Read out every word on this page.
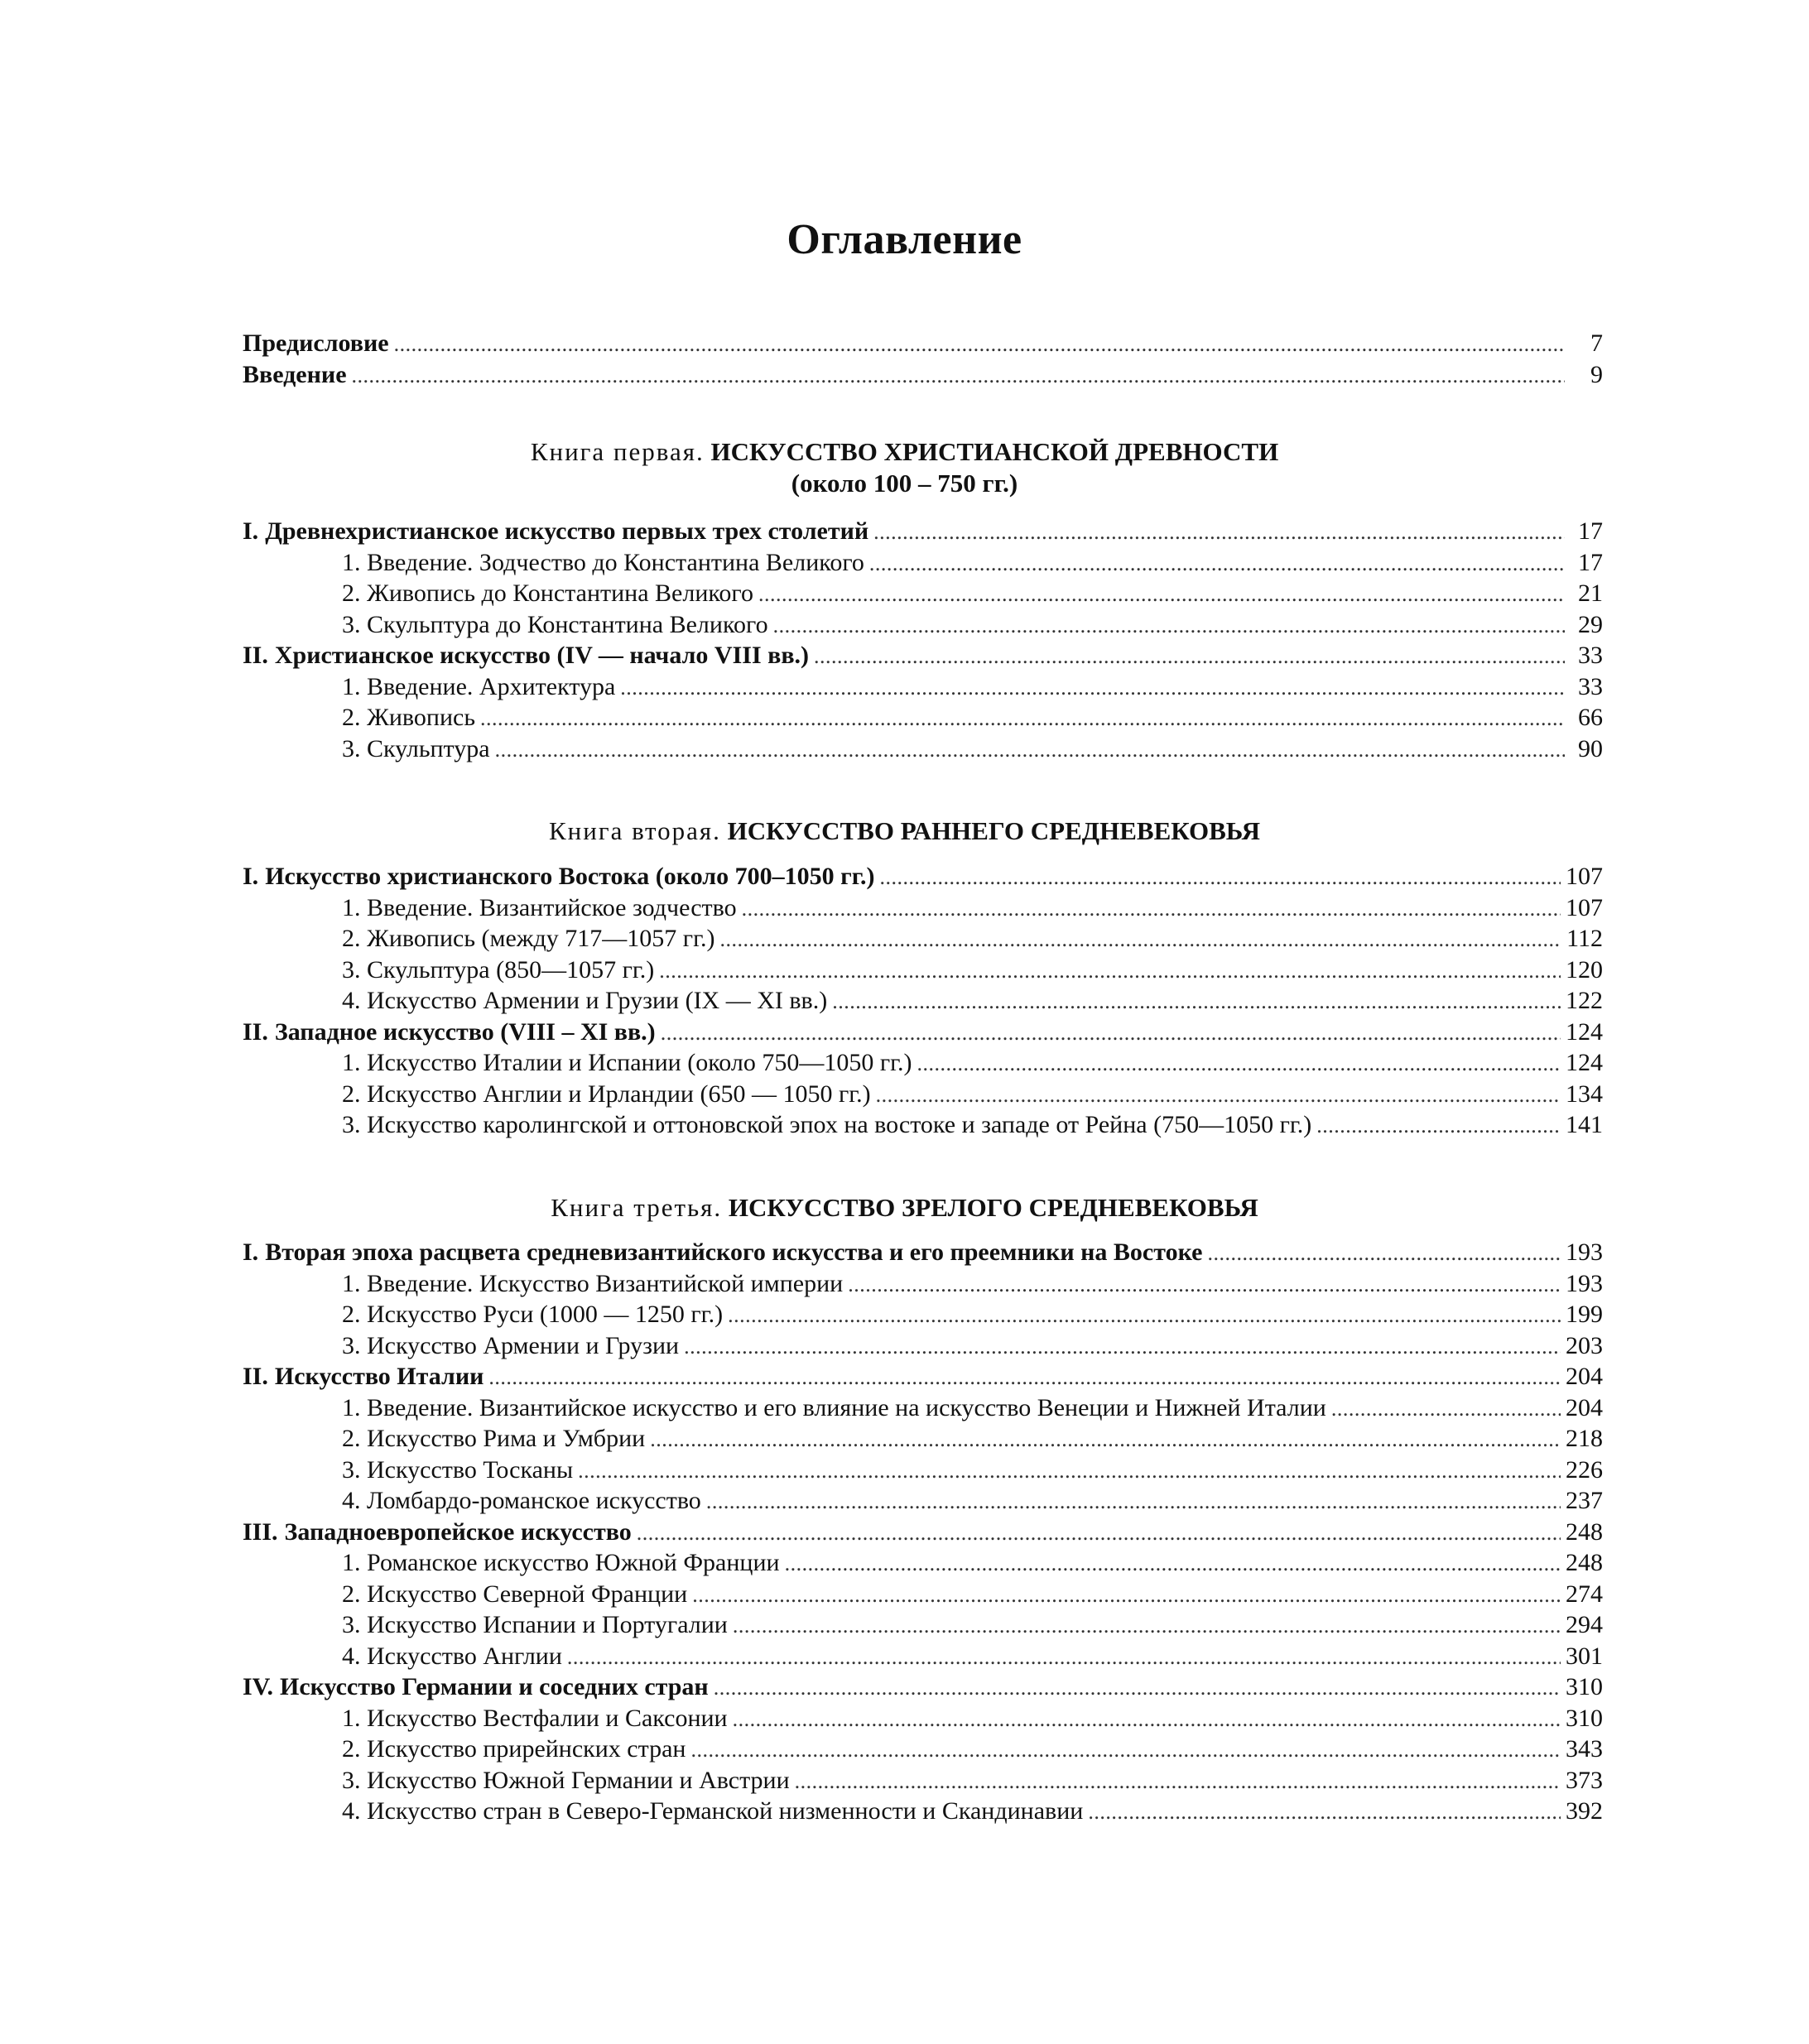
Оглавление
Предисловие . . .	7
Введение . . .	9
Книга первая. ИСКУССТВО ХРИСТИАНСКОЙ ДРЕВНОСТИ
(около 100 – 750 гг.)
I. Древнехристианское искусство первых трех столетий . . .	17
1. Введение. Зодчество до Константина Великого . . .	17
2. Живопись до Константина Великого . . .	21
3. Скульптура до Константина Великого . . .	29
II. Христианское искусство (IV — начало VIII вв.) . . .	33
1. Введение. Архитектура . . .	33
2. Живопись . . .	66
3. Скульптура . . .	90
Книга вторая. ИСКУССТВО РАННЕГО СРЕДНЕВЕКОВЬЯ
I. Искусство христианского Востока (около 700–1050 гг.) . . .	107
1. Введение. Византийское зодчество . . .	107
2. Живопись (между 717—1057 гг.) . . .	112
3. Скульптура (850—1057 гг.) . . .	120
4. Искусство Армении и Грузии (IX — XI вв.) . . .	122
II. Западное искусство (VIII – XI вв.) . . .	124
1. Искусство Италии и Испании (около 750—1050 гг.) . . .	124
2. Искусство Англии и Ирландии (650 — 1050 гг.) . . .	134
3. Искусство каролингской и оттоновской эпох на востоке и западе от Рейна (750—1050 гг.) . . .	141
Книга третья. ИСКУССТВО ЗРЕЛОГО СРЕДНЕВЕКОВЬЯ
I. Вторая эпоха расцвета средневизантийского искусства и его преемники на Востоке . . .	193
1. Введение. Искусство Византийской империи . . .	193
2. Искусство Руси (1000 — 1250 гг.) . . .	199
3. Искусство Армении и Грузии . . .	203
II. Искусство Италии . . .	204
1. Введение. Византийское искусство и его влияние на искусство Венеции и Нижней Италии . . .	204
2. Искусство Рима и Умбрии . . .	218
3. Искусство Тосканы . . .	226
4. Ломбардо-романское искусство . . .	237
III. Западноевропейское искусство . . .	248
1. Романское искусство Южной Франции . . .	248
2. Искусство Северной Франции . . .	274
3. Искусство Испании и Португалии . . .	294
4. Искусство Англии . . .	301
IV. Искусство Германии и соседних стран . . .	310
1. Искусство Вестфалии и Саксонии . . .	310
2. Искусство прирейнских стран . . .	343
3. Искусство Южной Германии и Австрии . . .	373
4. Искусство стран в Северо-Германской низменности и Скандинавии . . .	392
